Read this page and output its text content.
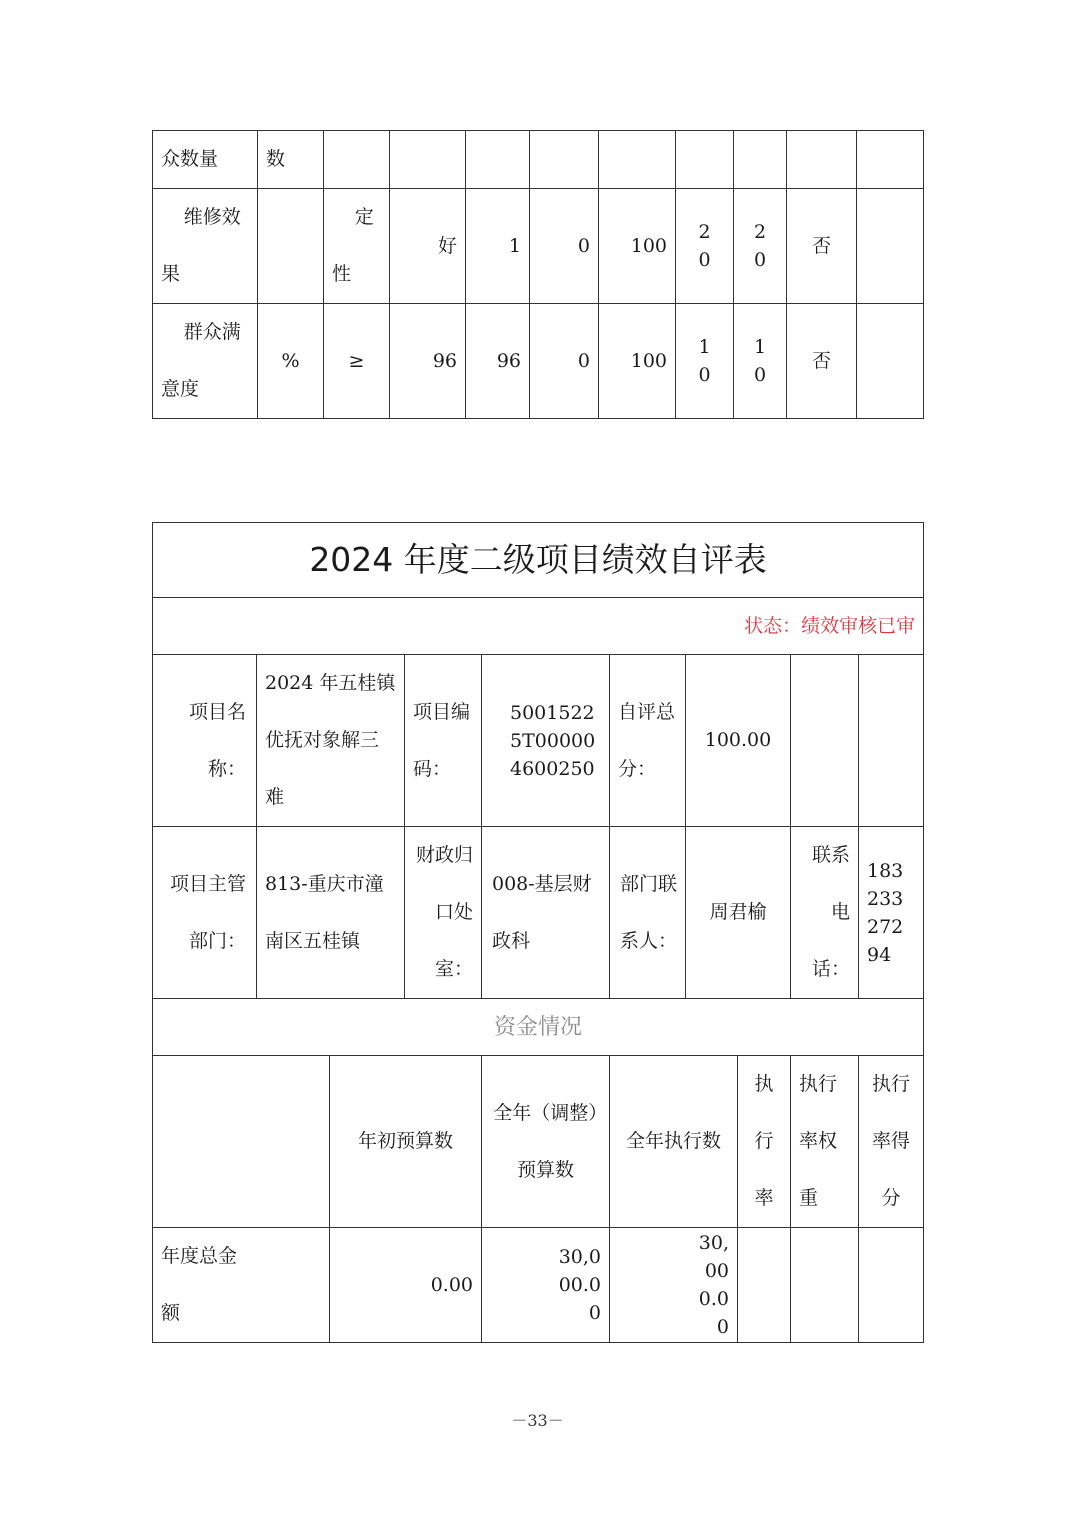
众数量	数									
维修效果		定性	好	1	0	100	20	20	否	
群众满意度	%	≥	96	96	0	100	10	10	否	
2024 年度二级项目绩效自评表									
状态：绩效审核已审									
项目名称：	2024 年五桂镇优抚对象解三难		项目编码：	50015225T000004600250	自评总分：	100.00			
项目主管部门：	813-重庆市潼南区五桂镇		财政归口处室：	008-基层财政科	部门联系人：	周君榆		联系电话：	18323327294
资金情况									
		年初预算数		全年（调整）预算数	全年执行数		执行率	执行率权重	执行率得分
年度总金额		0.00		30,000.00	30,000.00				
－33－
